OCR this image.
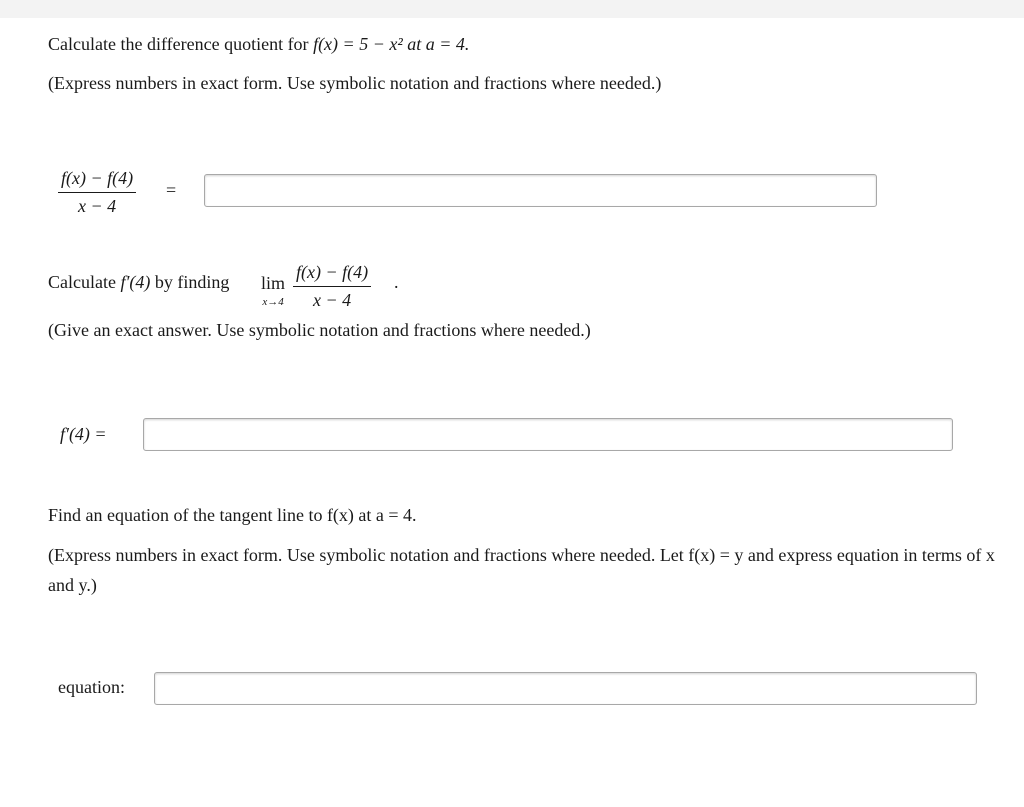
Calculate the difference quotient for f(x) = 5 − x² at a = 4.
(Express numbers in exact form. Use symbolic notation and fractions where needed.)
$\frac{f(x) - f(4)}{x - 4}$ =
Calculate f′(4) by finding lim
$x\to 4 \frac{f(x) - f(4)}{x - 4}$ .
(Give an exact answer. Use symbolic notation and fractions where needed.)
f′(4) =
Find an equation of the tangent line to f(x) at a = 4.
(Express numbers in exact form. Use symbolic notation and fractions where needed. Let f(x) = y and express equation in terms of x and y.)
equation:
